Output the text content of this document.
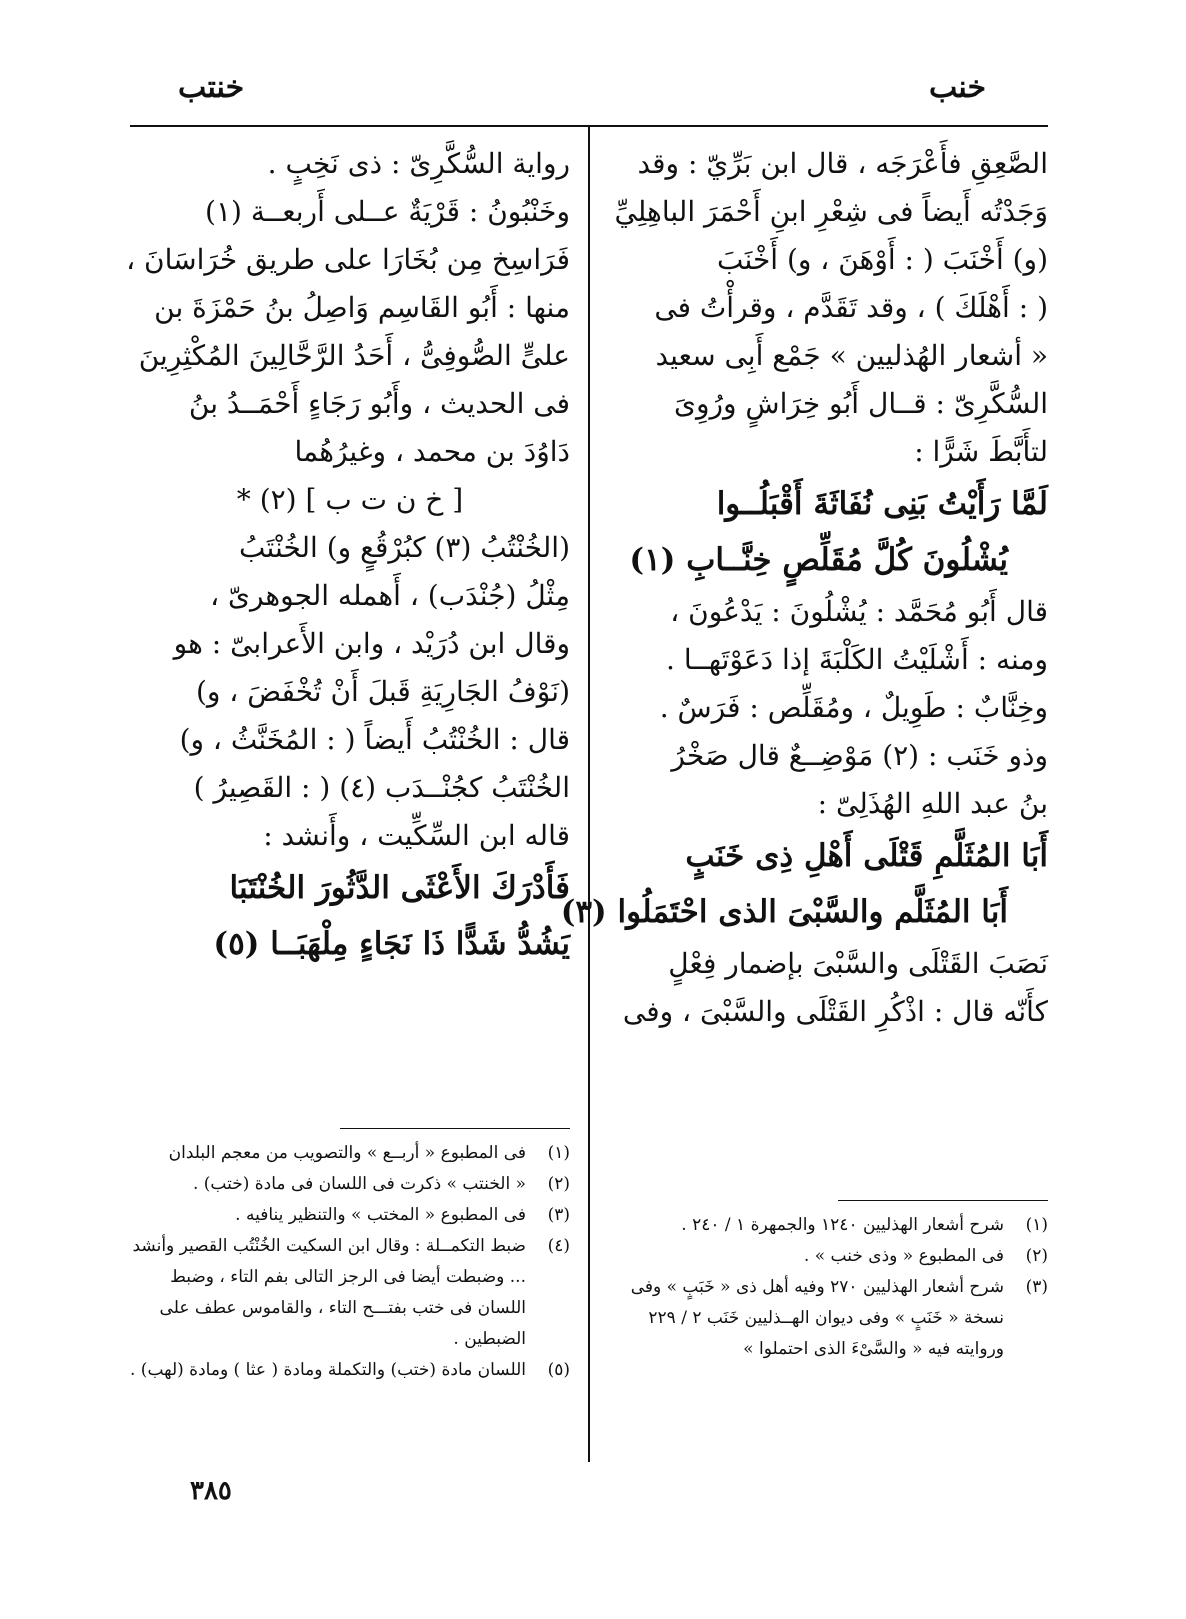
خنب
خنتب
الصَّعِقِ فأَعْرَجَه ، قال ابن بَرِّيّ : وقد
وَجَدْتُه أَيضاً فى شِعْرِ ابنِ أَحْمَرَ الباهِلِيِّ
(و) أَخْنَبَ ( : أَوْهَنَ ، و) أَخْنَبَ
( : أَهْلَكَ ) ، وقد تَقَدَّم ، وقرأْتُ فى
« أشعار الهُذليين » جَمْع أَبِى سعيد
السُّكَّرِىّ : قــال أَبُو خِرَاشٍ ورُوِىَ
لتأَبَّطَ شَرًّا :
لَمَّا رَأَيْتُ بَنِى نُفَاثَةَ أَقْبَلُــوا
يُشْلُونَ كُلَّ مُقَلِّصٍ خِنَّــابِ (١)
قال أَبُو مُحَمَّد : يُشْلُونَ : يَدْعُونَ ،
ومنه : أَشْلَيْتُ الكَلْبَةَ إذا دَعَوْتَهــا .
وخِنَّابٌ : طَوِيلٌ ، ومُقَلِّص : فَرَسٌ .
وذو خَنَب : (٢) مَوْضِــعٌ قال صَخْرُ
بنُ عبد اللهِ الهُذَلِىّ :
أَبَا المُثَلَّمِ قَتْلَى أَهْلِ ذِى خَنَبٍ
أَبَا المُثَلَّم والسَّبْىَ الذى احْتَمَلُوا (٣)
نَصَبَ القَتْلَى والسَّبْىَ بإضمار فِعْلٍ
كأَنّه قال : اذْكُرِ القَتْلَى والسَّبْىَ ، وفى
رواية السُّكَّرِىّ : ذى نَخِبٍ .
وخَنْبُونُ : قَرْيَةٌ عــلى أَربعــة (١)
فَرَاسِخ مِن بُخَارَا على طريق خُرَاسَانَ ،
منها : أَبُو القَاسِم وَاصِلُ بنُ حَمْزَةَ بن
علىٍّ الصُّوفِىُّ ، أَحَدُ الرَّحَّالِينَ المُكْثِرِينَ
فى الحديث ، وأَبُو رَجَاءٍ أَحْمَــدُ بنُ
دَاوُدَ بن محمد ، وغيرُهُما
[ خ ن ت ب ] (٢) *
(الخُنْتُبُ (٣) كبُرْقُعٍ و) الخُنْتَبُ
مِثْلُ (جُنْدَب) ، أَهمله الجوهرىّ ،
وقال ابن دُرَيْد ، وابن الأَعرابىّ : هو
(نَوْفُ الجَارِيَةِ قَبلَ أَنْ تُخْفَضَ ، و)
قال : الخُنْتُبُ أَيضاً ( : المُخَنَّثُ ، و)
الخُنْتَبُ كجُنْــدَب (٤) ( : القَصِيرُ )
قاله ابن السِّكِّيت ، وأَنشد :
فَأَدْرَكَ الأَعْثَى الدَّثُورَ الخُنْتَبَا
يَشُدُّ شَدًّا ذَا نَجَاءٍ مِلْهَبَــا (٥)
(١)
شرح أشعار الهذليين ١٢٤٠ والجمهرة ١ / ٢٤٠ .
(٢)
فى المطبوع « وذى خنب » .
(٣)
شرح أشعار الهذليين ٢٧٠ وفيه أهل ذى « خَبَبٍ » وفى نسخة « خَنَبٍ » وفى ديوان الهــذليين خَنَب ٢ / ٢٢٩ وروايته فيه « والسَّىْءَ الذى احتملوا »
(١)
فى المطبوع « أربــع » والتصويب من معجم البلدان
(٢)
« الخنتب » ذكرت فى اللسان فى مادة (ختب) .
(٣)
فى المطبوع « المختب » والتنظير ينافيه .
(٤)
ضبط التكمــلة : وقال ابن السكيت الخُنْتُب القصير وأنشد ... وضبطت أيضا فى الرجز التالى بفم التاء ، وضبط اللسان فى ختب بفتـــح التاء ، والقاموس عطف على الضبطين .
(٥)
اللسان مادة (ختب) والتكملة ومادة ( عثا ) ومادة (لهب) .
٣٨٥
